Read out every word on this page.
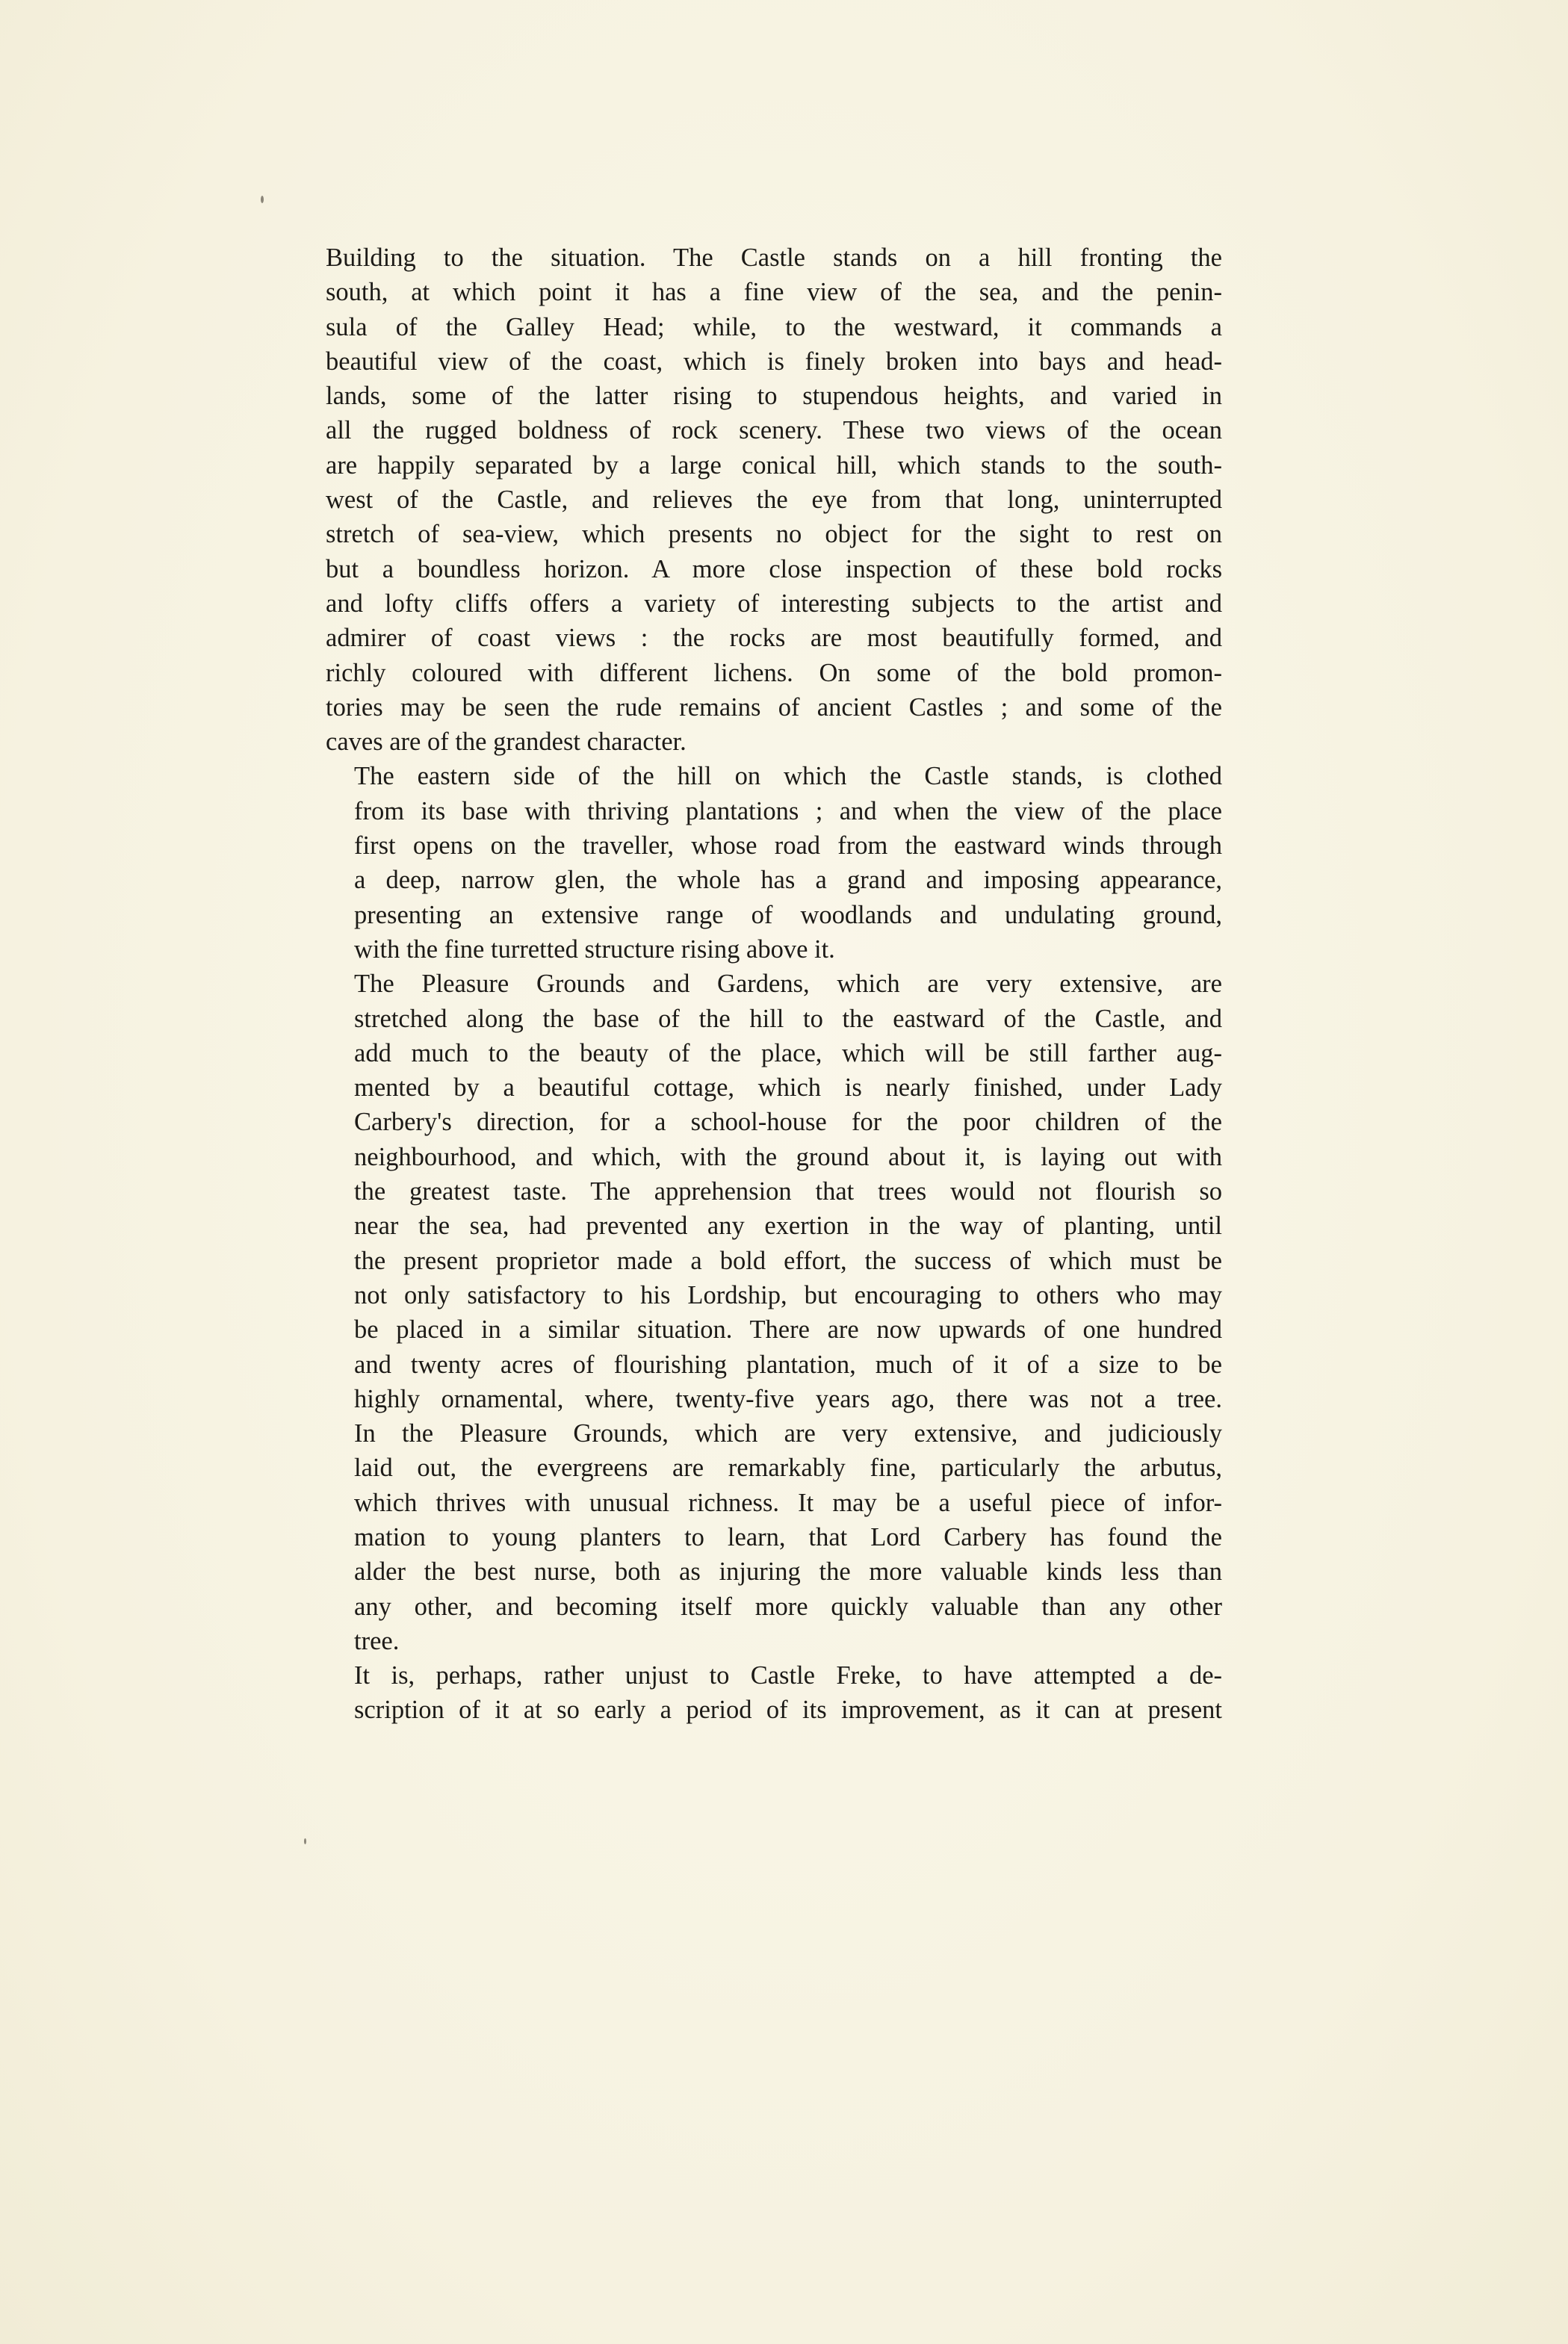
Building to the situation. The Castle stands on a hill fronting the
south, at which point it has a fine view of the sea, and the penin-
sula of the Galley Head; while, to the westward, it commands a
beautiful view of the coast, which is finely broken into bays and head-
lands, some of the latter rising to stupendous heights, and varied in
all the rugged boldness of rock scenery. These two views of the ocean
are happily separated by a large conical hill, which stands to the south-
west of the Castle, and relieves the eye from that long, uninterrupted
stretch of sea-view, which presents no object for the sight to rest on
but a boundless horizon. A more close inspection of these bold rocks
and lofty cliffs offers a variety of interesting subjects to the artist and
admirer of coast views : the rocks are most beautifully formed, and
richly coloured with different lichens. On some of the bold promon-
tories may be seen the rude remains of ancient Castles ; and some of the
caves are of the grandest character.

The eastern side of the hill on which the Castle stands, is clothed
from its base with thriving plantations ; and when the view of the place
first opens on the traveller, whose road from the eastward winds through
a deep, narrow glen, the whole has a grand and imposing appearance,
presenting an extensive range of woodlands and undulating ground,
with the fine turretted structure rising above it.

The Pleasure Grounds and Gardens, which are very extensive, are
stretched along the base of the hill to the eastward of the Castle, and
add much to the beauty of the place, which will be still farther aug-
mented by a beautiful cottage, which is nearly finished, under Lady
Carbery's direction, for a school-house for the poor children of the
neighbourhood, and which, with the ground about it, is laying out with
the greatest taste. The apprehension that trees would not flourish so
near the sea, had prevented any exertion in the way of planting, until
the present proprietor made a bold effort, the success of which must be
not only satisfactory to his Lordship, but encouraging to others who may
be placed in a similar situation. There are now upwards of one hundred
and twenty acres of flourishing plantation, much of it of a size to be
highly ornamental, where, twenty-five years ago, there was not a tree.
In the Pleasure Grounds, which are very extensive, and judiciously
laid out, the evergreens are remarkably fine, particularly the arbutus,
which thrives with unusual richness. It may be a useful piece of infor-
mation to young planters to learn, that Lord Carbery has found the
alder the best nurse, both as injuring the more valuable kinds less than
any other, and becoming itself more quickly valuable than any other
tree.

It is, perhaps, rather unjust to Castle Freke, to have attempted a de-
scription of it at so early a period of its improvement, as it can at present
